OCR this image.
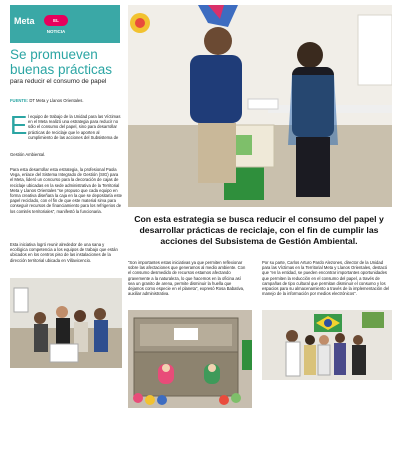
Meta	EL NOTICIA
Se promueven buenas prácticas
para reducir el consumo de papel
FUENTE: DT Meta y Llanos Orientales.
E l equipo de trabajo de la Unidad para las Víctimas en el Meta realizó una estrategia para reducir no sólo el consumo del papel, sino para desarrollar prácticas de reciclaje que le aporten al cumplimiento de las acciones del Subsistema de
Gestión Ambiental.
Para esta desarrollar esta estrategia, la profesional Paola Vega, enlace del Sistema Integrado de Gestión (SIG) para el Meta, lideró un concurso para la decoración de cajas de reciclaje ubicadas en la sede administrativa de la Territorial Meta y Llanos Orientales “se propuso que cada equipo en forma creativa diseñara la caja en la que se depositaría este papel reciclado, con el fin de que este material sirva para conseguir recursos de financiamiento para los refrigerios de los comités territoriales”, manifestó la funcionaria.
Esta iniciativa logró reunir alrededor de una sana y ecológica competencia a los equipos de trabajo que están ubicados en los centros piso de las instalaciones de la dirección territorial ubicada en Villavicencio.
Con esta estrategia se busca reducir el consumo del papel y desarrollar prácticas de reciclaje, con el fin de cumplir las acciones del Subsistema de Gestión Ambiental.
“Son importantes estas iniciativas ya que permiten reflexionar sobre las afectaciones que generamos al medio ambiente. Con el consumo desmedido de recursos estamos afectando gravemente a la naturaleza, lo que hacemos en la oficina así sea un granito de arena, permite disminuir la huella que dejamos como especie en el planeta”, expresó Rosa Babativa, auxiliar administrativa.
Por su parte, Carlos Arturo Pardo Alezones, director de la Unidad para las Víctimas en la Territorial Meta y Llanos Orientales, destacó que “en la entidad, se pueden encontrar importantes oportunidades que permiten la reducción en el consumo del papel, a través de campañas de tipo cultural que permitan disminuir el consumo y los espacios para su almacenamiento a través de la implementación del manejo de la información por medios electrónicos”.
